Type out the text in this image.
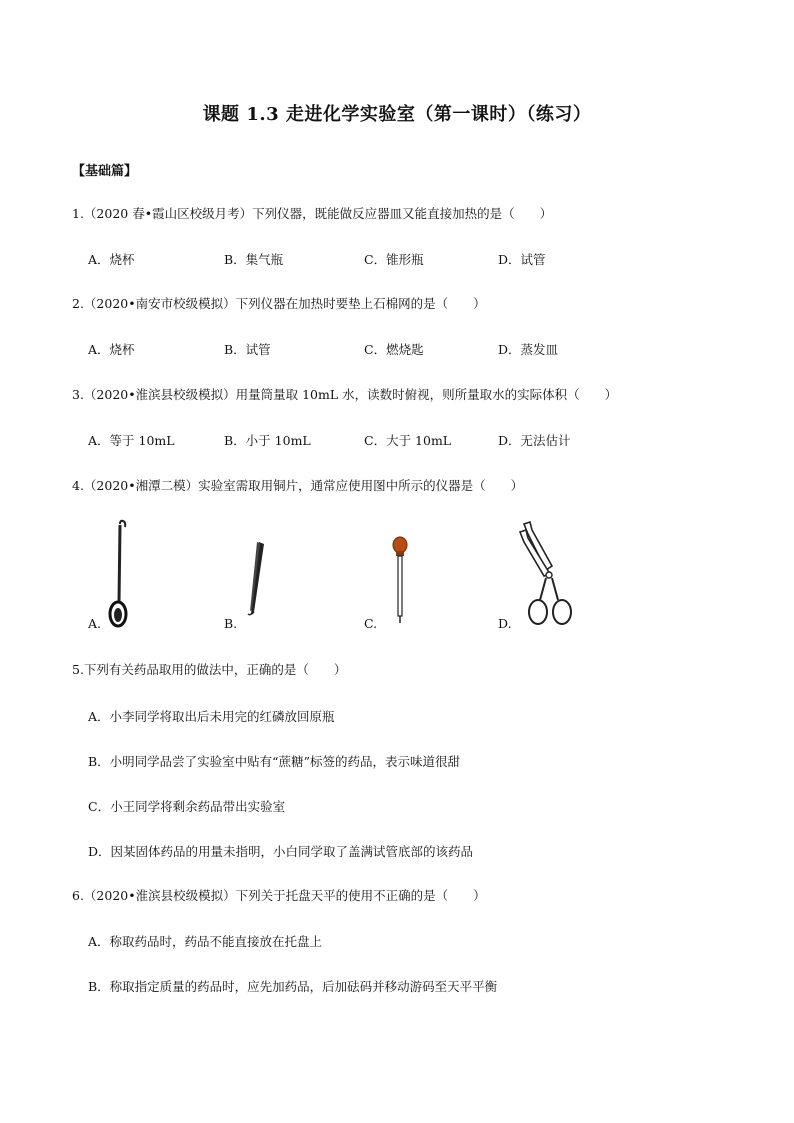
课题 1.3 走进化学实验室（第一课时）（练习）
【基础篇】
1.（2020 春•霞山区校级月考）下列仪器，既能做反应器皿又能直接加热的是（　　）
A．烧杯	B．集气瓶	C．锥形瓶	D．试管
2.（2020•南安市校级模拟）下列仪器在加热时要垫上石棉网的是（　　）
A．烧杯	B．试管	C．燃烧匙	D．蒸发皿
3.（2020•淮滨县校级模拟）用量筒量取 10mL 水，读数时俯视，则所量取水的实际体积（　　）
A．等于 10mL	B．小于 10mL	C．大于 10mL	D．无法估计
4.（2020•湘潭二模）实验室需取用铜片，通常应使用图中所示的仪器是（　　）
A.	B.	C.	D.
5.下列有关药品取用的做法中，正确的是（　　）
A．小李同学将取出后未用完的红磷放回原瓶
B．小明同学品尝了实验室中贴有“蔗糖”标签的药品，表示味道很甜
C．小王同学将剩余药品带出实验室
D．因某固体药品的用量未指明，小白同学取了盖满试管底部的该药品
6.（2020•淮滨县校级模拟）下列关于托盘天平的使用不正确的是（　　）
A．称取药品时，药品不能直接放在托盘上
B．称取指定质量的药品时，应先加药品，后加砝码并移动游码至天平平衡
